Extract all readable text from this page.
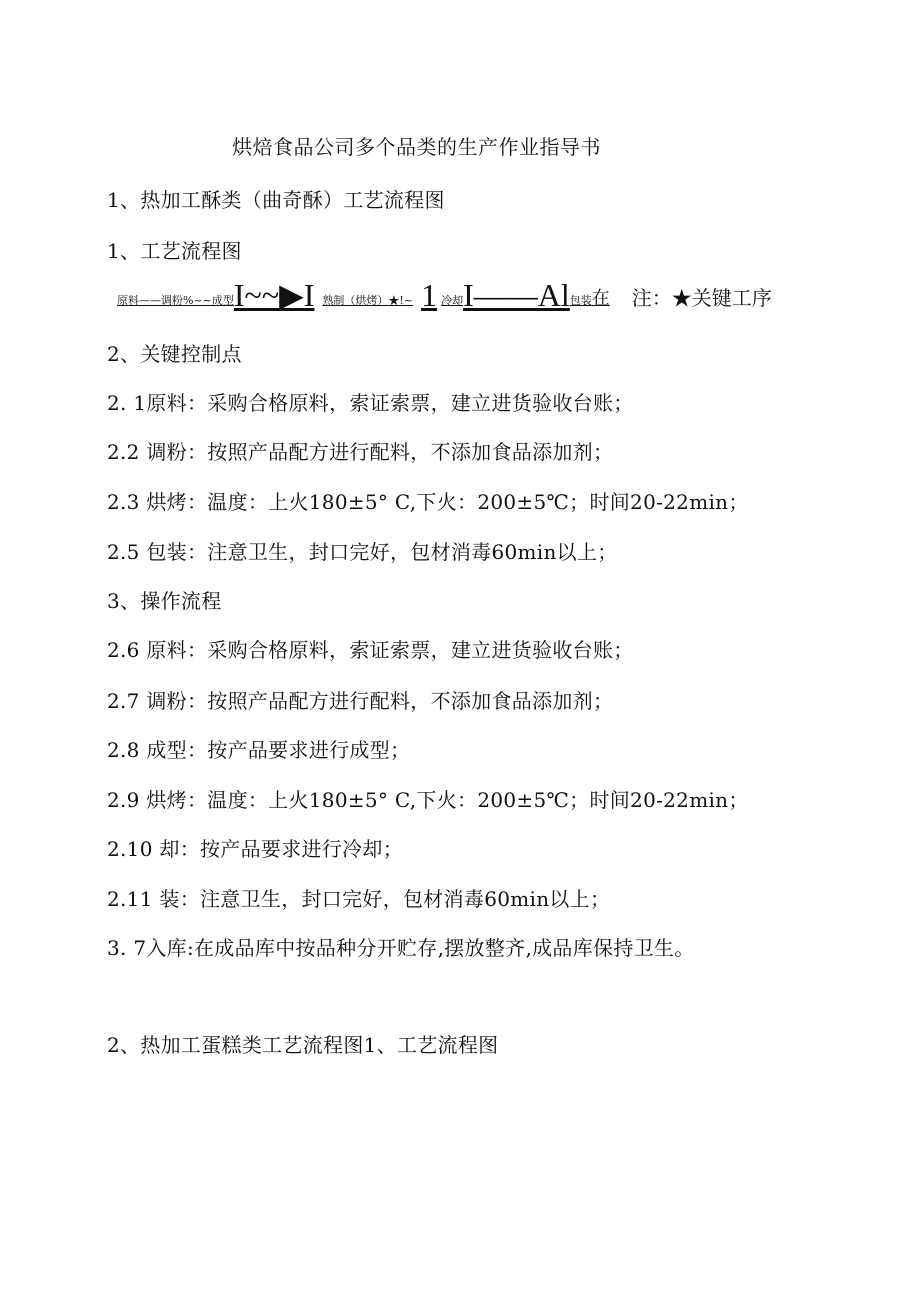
烘焙食品公司多个品类的生产作业指导书
1、热加工酥类（曲奇酥）工艺流程图
1、工艺流程图
原料——调粉%~~成型 I~~▶I 熟制（烘烤）★!~ 1 冷却 I——Al 包装 在 注：★关键工序
2、关键控制点
2. 1原料：采购合格原料，索证索票，建立进货验收台账；
2.2 调粉：按照产品配方进行配料，不添加食品添加剂；
2.3 烘烤：温度：上火180±5° C,下火：200±5℃；时间20-22min；
2.5 包装：注意卫生，封口完好，包材消毒60min以上；
3、操作流程
2.6 原料：采购合格原料，索证索票，建立进货验收台账；
2.7 调粉：按照产品配方进行配料，不添加食品添加剂；
2.8 成型：按产品要求进行成型；
2.9 烘烤：温度：上火180±5° C,下火：200±5℃；时间20-22min；
2.10 却：按产品要求进行冷却；
2.11 装：注意卫生，封口完好，包材消毒60min以上；
3. 7入库:在成品库中按品种分开贮存,摆放整齐,成品库保持卫生。
2、热加工蛋糕类工艺流程图1、工艺流程图
